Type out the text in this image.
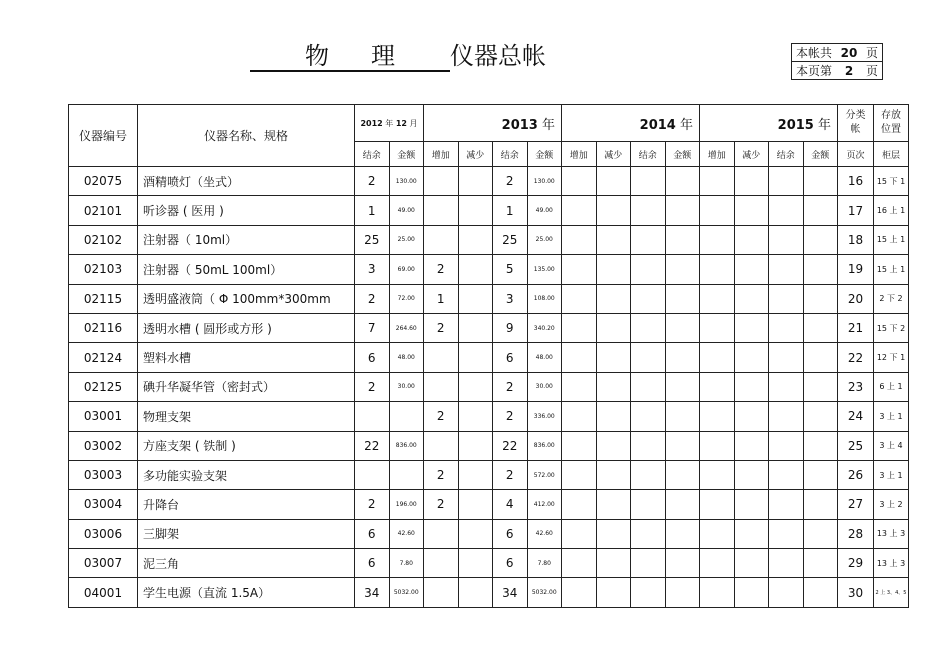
物 理 仪器总帐	本帐共 20 页
本页第 2 页
仪器编号	仪器名称、规格	2012 年 12 月		2013 年				2014 年				2015 年				分类帐	存放位置

		结余	金额	增加	减少	结余	金额	增加	减少	结余	金额	增加	减少	结余	金额	页次	柜层
02075	酒精喷灯（坐式）	2	130.00			2	130.00									16	15 下 1
02101	听诊器 ( 医用 )	1	49.00			1	49.00									17	16 上 1
02102	注射器（ 10ml）	25	25.00			25	25.00									18	15 上 1
02103	注射器（ 50mL 100ml）	3	69.00	2		5	135.00									19	15 上 1
02115	透明盛液筒（ Φ 100mm*300mm	2	72.00	1		3	108.00									20	2 下 2
02116	透明水槽 ( 圆形或方形 )	7	264.60	2		9	340.20									21	15 下 2
02124	塑料水槽	6	48.00			6	48.00									22	12 下 1
02125	碘升华凝华管（密封式）	2	30.00			2	30.00									23	6 上 1
03001	物理支架			2		2	336.00									24	3 上 1
03002	方座支架 ( 铁制 )	22	836.00			22	836.00									25	3 上 4
03003	多功能实验支架			2		2	572.00									26	3 上 1
03004	升降台	2	196.00	2		4	412.00									27	3 上 2
03006	三脚架	6	42.60			6	42.60									28	13 上 3
03007	泥三角	6	7.80			6	7.80									29	13 上 3
04001	学生电源（直流 1.5A）	34	5032.00			34	5032.00									30	2 上 3、4、5
